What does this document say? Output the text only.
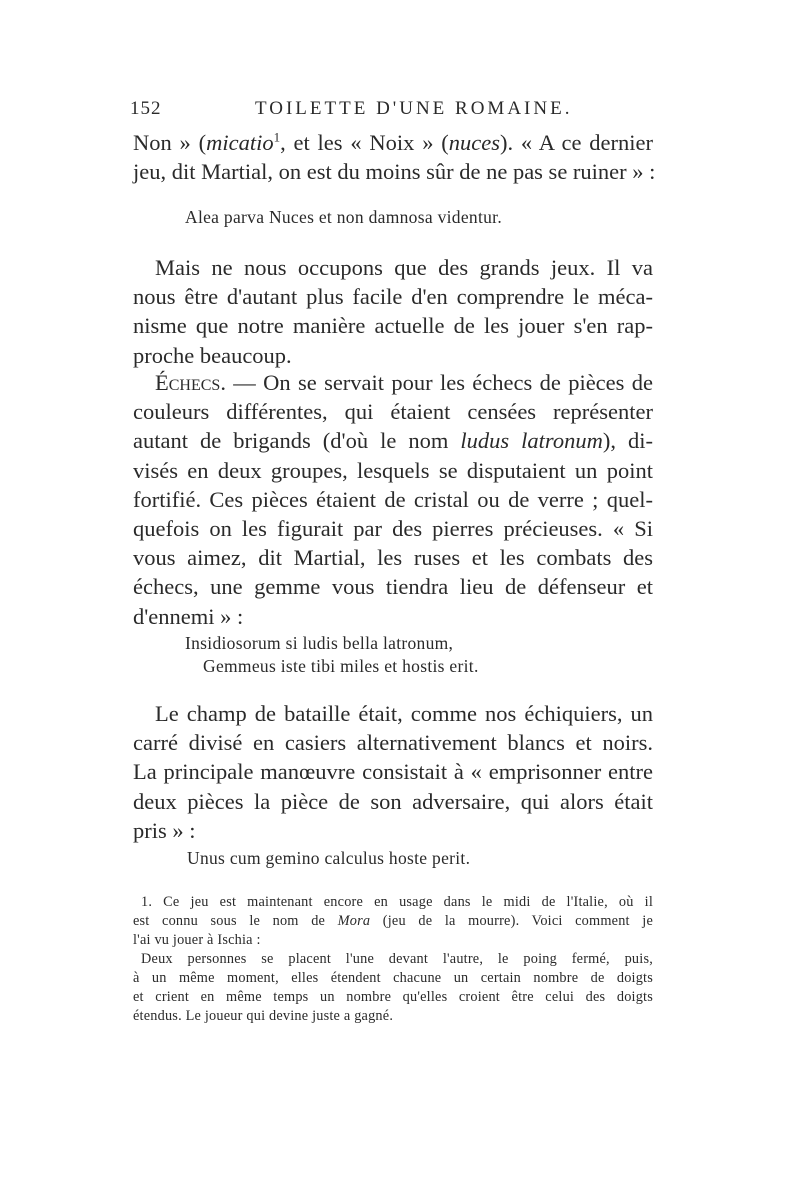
152	TOILETTE D'UNE ROMAINE.
Non » (micatio$^1$, et les « Noix » (nuces). « A ce dernier
jeu, dit Martial, on est du moins sûr de ne pas se ruiner » :
Alea parva Nuces et non damnosa videntur.
Mais ne nous occupons que des grands jeux. Il va
nous être d'autant plus facile d'en comprendre le méca-
nisme que notre manière actuelle de les jouer s'en rap-
proche beaucoup.
Échecs. — On se servait pour les échecs de pièces de
couleurs différentes, qui étaient censées représenter
autant de brigands (d'où le nom ludus latronum), di-
visés en deux groupes, lesquels se disputaient un point
fortifié. Ces pièces étaient de cristal ou de verre ; quel-
quefois on les figurait par des pierres précieuses. « Si
vous aimez, dit Martial, les ruses et les combats des
échecs, une gemme vous tiendra lieu de défenseur et
d'ennemi » :
Insidiosorum si ludis bella latronum,
Gemmeus iste tibi miles et hostis erit.
Le champ de bataille était, comme nos échiquiers, un
carré divisé en casiers alternativement blancs et noirs.
La principale manœuvre consistait à « emprisonner entre
deux pièces la pièce de son adversaire, qui alors était
pris » :
Unus cum gemino calculus hoste perit.
1. Ce jeu est maintenant encore en usage dans le midi de l'Italie, où il
est connu sous le nom de Mora (jeu de la mourre). Voici comment je
l'ai vu jouer à Ischia :
Deux personnes se placent l'une devant l'autre, le poing fermé, puis,
à un même moment, elles étendent chacune un certain nombre de doigts
et crient en même temps un nombre qu'elles croient être celui des doigts
étendus. Le joueur qui devine juste a gagné.
